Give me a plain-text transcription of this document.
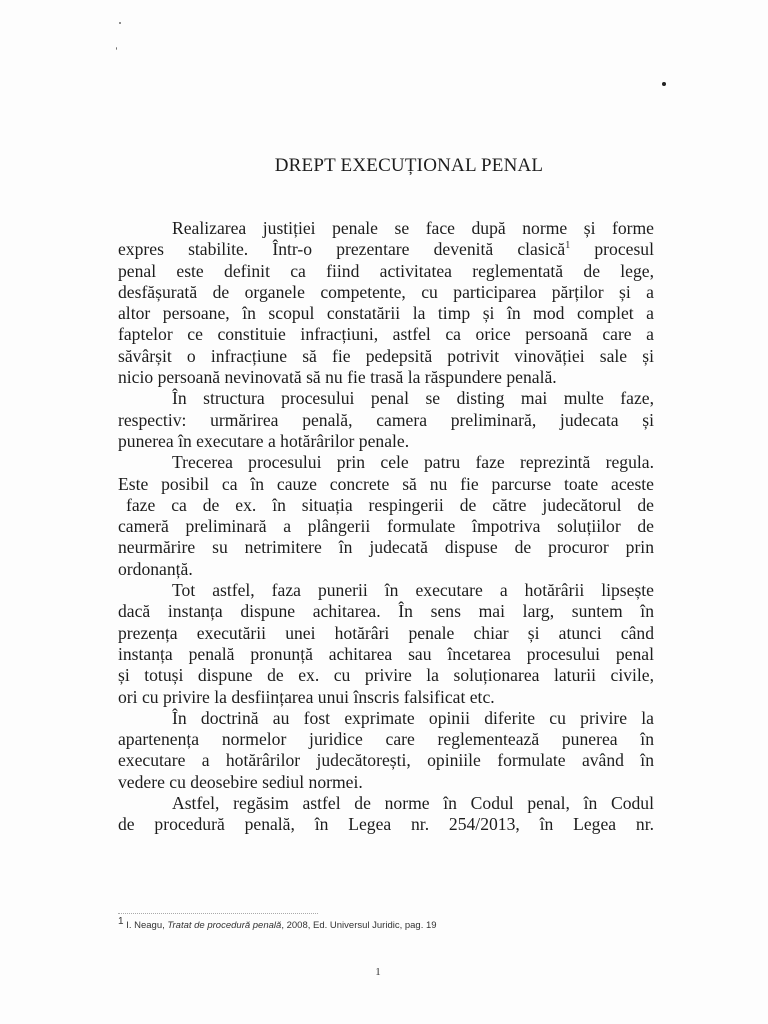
DREPT EXECUȚIONAL PENAL
Realizarea justiției penale se face după norme și forme
expres stabilite. Într-o prezentare devenită clasică$^1$ procesul
penal este definit ca fiind activitatea reglementată de lege,
desfășurată de organele competente, cu participarea părților și a
altor persoane, în scopul constatării la timp și în mod complet a
faptelor ce constituie infracțiuni, astfel ca orice persoană care a
săvârșit o infracțiune să fie pedepsită potrivit vinovăției sale și
nicio persoană nevinovată să nu fie trasă la răspundere penală.
În structura procesului penal se disting mai multe faze,
respectiv: urmărirea penală, camera preliminară, judecata și
punerea în executare a hotărârilor penale.
Trecerea procesului prin cele patru faze reprezintă regula.
Este posibil ca în cauze concrete să nu fie parcurse toate aceste
faze ca de ex. în situația respingerii de către judecătorul de
cameră preliminară a plângerii formulate împotriva soluțiilor de
neurmărire su netrimitere în judecată dispuse de procuror prin
ordonanță.
Tot astfel, faza punerii în executare a hotărârii lipsește
dacă instanța dispune achitarea. În sens mai larg, suntem în
prezența executării unei hotărâri penale chiar și atunci când
instanța penală pronunță achitarea sau încetarea procesului penal
și totuși dispune de ex. cu privire la soluționarea laturii civile,
ori cu privire la desființarea unui înscris falsificat etc.
În doctrină au fost exprimate opinii diferite cu privire la
apartenența normelor juridice care reglementează punerea în
executare a hotărârilor judecătorești, opiniile formulate având în
vedere cu deosebire sediul normei.
Astfel, regăsim astfel de norme în Codul penal, în Codul
de procedură penală, în Legea nr. 254/2013, în Legea nr.
$^1$ I. Neagu, Tratat de procedură penală, 2008, Ed. Universul Juridic, pag. 19
1
